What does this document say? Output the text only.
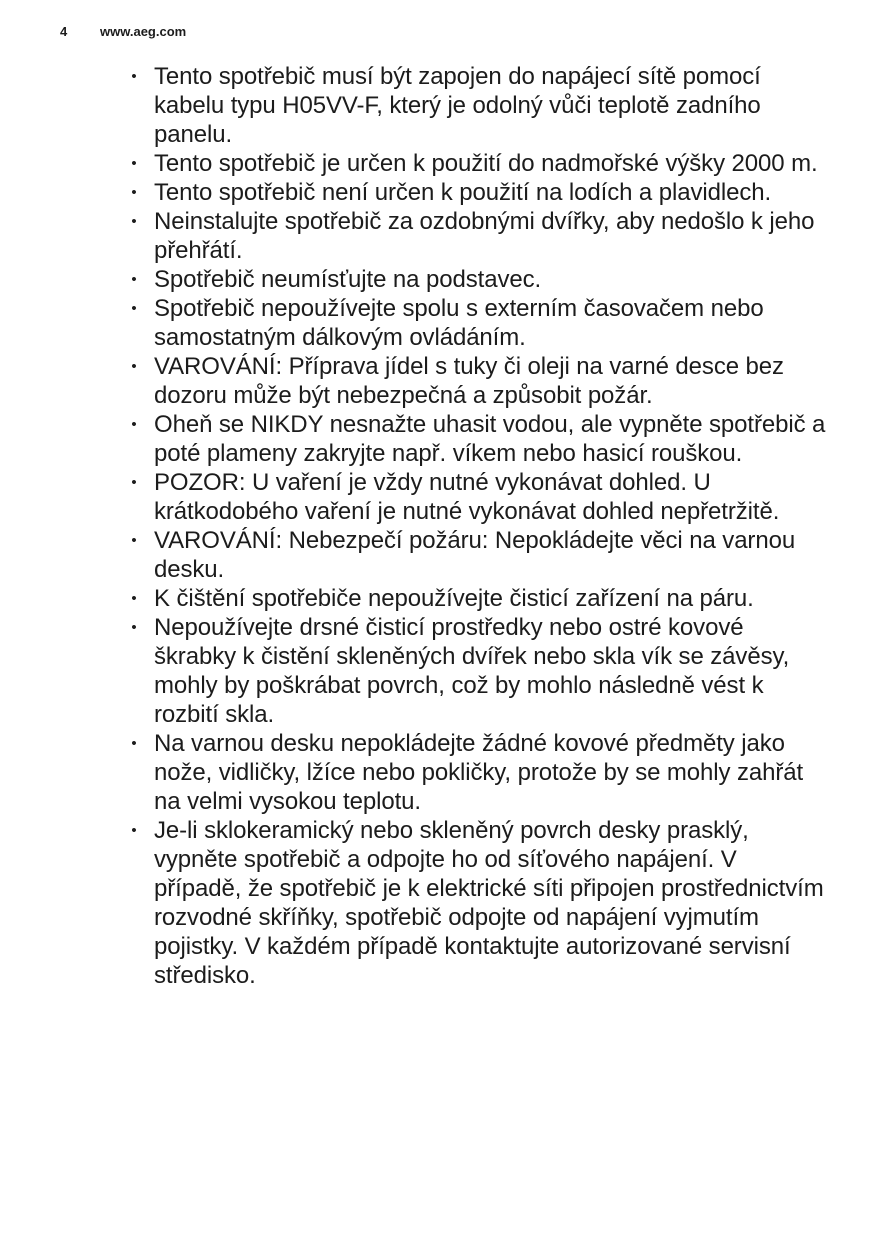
4	www.aeg.com
• Tento spotřebič musí být zapojen do napájecí sítě pomocí kabelu typu H05VV-F, který je odolný vůči teplotě zadního panelu.
• Tento spotřebič je určen k použití do nadmořské výšky 2000 m.
• Tento spotřebič není určen k použití na lodích a plavidlech.
• Neinstalujte spotřebič za ozdobnými dvířky, aby nedošlo k jeho přehřátí.
• Spotřebič neumísťujte na podstavec.
• Spotřebič nepoužívejte spolu s externím časovačem nebo samostatným dálkovým ovládáním.
• VAROVÁNÍ: Příprava jídel s tuky či oleji na varné desce bez dozoru může být nebezpečná a způsobit požár.
• Oheň se NIKDY nesnažte uhasit vodou, ale vypněte spotřebič a poté plameny zakryjte např. víkem nebo hasicí rouškou.
• POZOR: U vaření je vždy nutné vykonávat dohled. U krátkodobého vaření je nutné vykonávat dohled nepřetržitě.
• VAROVÁNÍ: Nebezpečí požáru: Nepokládejte věci na varnou desku.
• K čištění spotřebiče nepoužívejte čisticí zařízení na páru.
• Nepoužívejte drsné čisticí prostředky nebo ostré kovové škrabky k čistění skleněných dvířek nebo skla vík se závěsy, mohly by poškrábat povrch, což by mohlo následně vést k rozbití skla.
• Na varnou desku nepokládejte žádné kovové předměty jako nože, vidličky, lžíce nebo pokličky, protože by se mohly zahřát na velmi vysokou teplotu.
• Je-li sklokeramický nebo skleněný povrch desky prasklý, vypněte spotřebič a odpojte ho od síťového napájení. V případě, že spotřebič je k elektrické síti připojen prostřednictvím rozvodné skříňky, spotřebič odpojte od napájení vyjmutím pojistky. V každém případě kontaktujte autorizované servisní středisko.
